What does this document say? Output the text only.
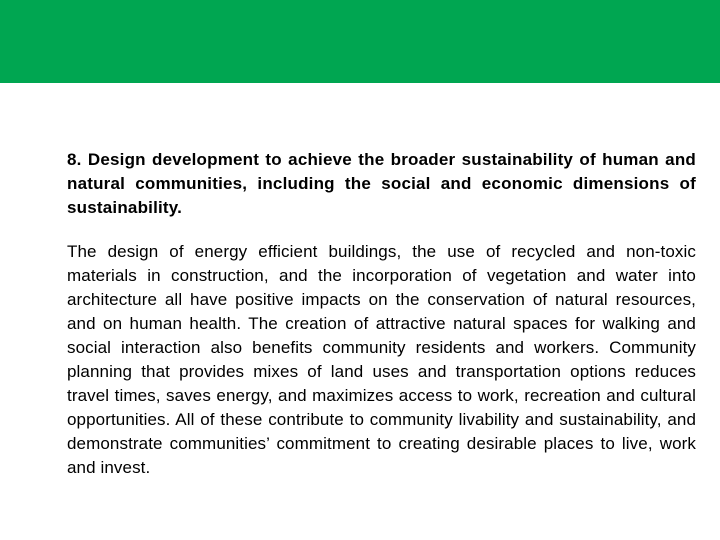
8. Design development to achieve the broader sustainability of human and natural communities, including the social and economic dimensions of sustainability.

The design of energy efficient buildings, the use of recycled and non-toxic materials in construction, and the incorporation of vegetation and water into architecture all have positive impacts on the conservation of natural resources, and on human health. The creation of attractive natural spaces for walking and social interaction also benefits community residents and workers. Community planning that provides mixes of land uses and transportation options reduces travel times, saves energy, and maximizes access to work, recreation and cultural opportunities. All of these contribute to community livability and sustainability, and demonstrate communities’ commitment to creating desirable places to live, work and invest.
